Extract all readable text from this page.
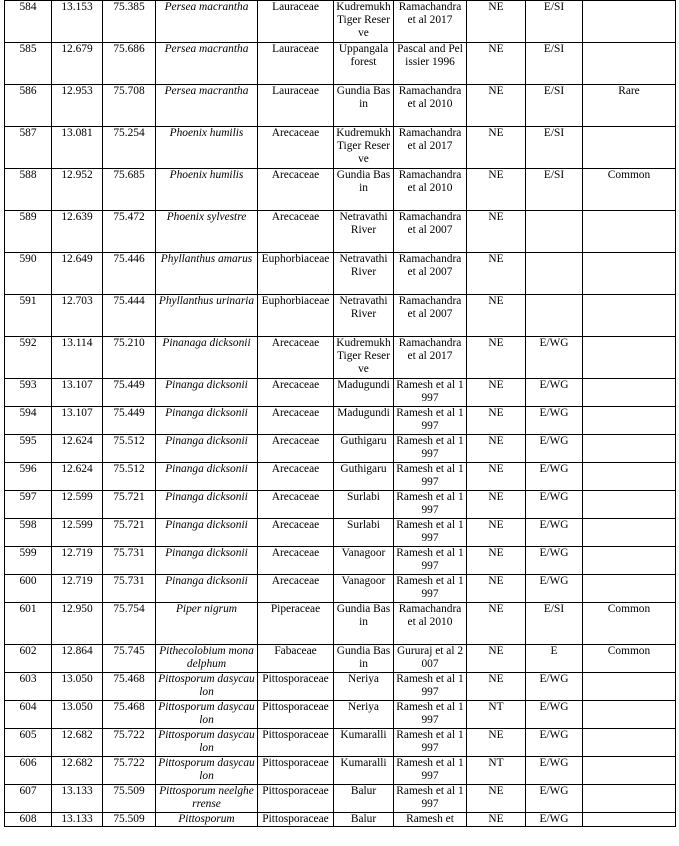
584	13.153	75.385	Persea macrantha	Lauraceae	Kudremukh Tiger Reserve	Ramachandra et al 2017	NE	E/SI	
585	12.679	75.686	Persea macrantha	Lauraceae	Uppangala forest	Pascal and Pelissier 1996	NE	E/SI	
586	12.953	75.708	Persea macrantha	Lauraceae	Gundia Basin	Ramachandra et al 2010	NE	E/SI	Rare
587	13.081	75.254	Phoenix humilis	Arecaceae	Kudremukh Tiger Reserve	Ramachandra et al 2017	NE	E/SI	
588	12.952	75.685	Phoenix humilis	Arecaceae	Gundia Basin	Ramachandra et al 2010	NE	E/SI	Common
589	12.639	75.472	Phoenix sylvestre	Arecaceae	Netravathi River	Ramachandra et al 2007	NE		
590	12.649	75.446	Phyllanthus amarus	Euphorbiaceae	Netravathi River	Ramachandra et al 2007	NE		
591	12.703	75.444	Phyllanthus urinaria	Euphorbiaceae	Netravathi River	Ramachandra et al 2007	NE		
592	13.114	75.210	Pinanaga dicksonii	Arecaceae	Kudremukh Tiger Reserve	Ramachandra et al 2017	NE	E/WG	
593	13.107	75.449	Pinanga dicksonii	Arecaceae	Madugundi	Ramesh et al 1997	NE	E/WG	
594	13.107	75.449	Pinanga dicksonii	Arecaceae	Madugundi	Ramesh et al 1997	NE	E/WG	
595	12.624	75.512	Pinanga dicksonii	Arecaceae	Guthigaru	Ramesh et al 1997	NE	E/WG	
596	12.624	75.512	Pinanga dicksonii	Arecaceae	Guthigaru	Ramesh et al 1997	NE	E/WG	
597	12.599	75.721	Pinanga dicksonii	Arecaceae	Surlabi	Ramesh et al 1997	NE	E/WG	
598	12.599	75.721	Pinanga dicksonii	Arecaceae	Surlabi	Ramesh et al 1997	NE	E/WG	
599	12.719	75.731	Pinanga dicksonii	Arecaceae	Vanagoor	Ramesh et al 1997	NE	E/WG	
600	12.719	75.731	Pinanga dicksonii	Arecaceae	Vanagoor	Ramesh et al 1997	NE	E/WG	
601	12.950	75.754	Piper nigrum	Piperaceae	Gundia Basin	Ramachandra et al 2010	NE	E/SI	Common
602	12.864	75.745	Pithecolobium monadelphum	Fabaceae	Gundia Basin	Gururaj et al 2007	NE	E	Common
603	13.050	75.468	Pittosporum dasycaulon	Pittosporaceae	Neriya	Ramesh et al 1997	NE	E/WG	
604	13.050	75.468	Pittosporum dasycaulon	Pittosporaceae	Neriya	Ramesh et al 1997	NT	E/WG	
605	12.682	75.722	Pittosporum dasycaulon	Pittosporaceae	Kumaralli	Ramesh et al 1997	NE	E/WG	
606	12.682	75.722	Pittosporum dasycaulon	Pittosporaceae	Kumaralli	Ramesh et al 1997	NT	E/WG	
607	13.133	75.509	Pittosporum neelgherrense	Pittosporaceae	Balur	Ramesh et al 1997	NE	E/WG	
608	13.133	75.509	Pittosporum	Pittosporaceae	Balur	Ramesh et	NE	E/WG	
